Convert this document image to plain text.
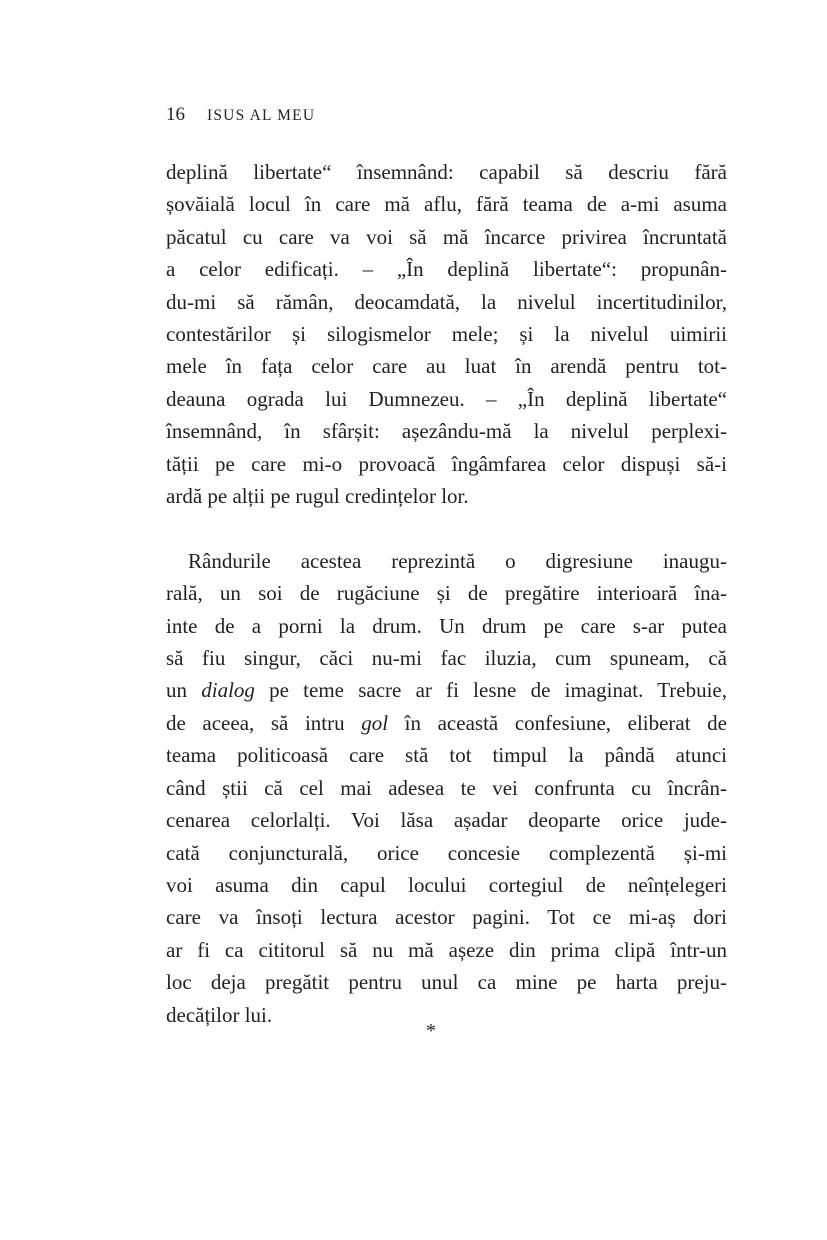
16 ISUS AL MEU
deplină libertate“ însemnând: capabil să descriu fără
șovăială locul în care mă aflu, fără teama de a-mi asuma
păcatul cu care va voi să mă încarce privirea încruntată
a celor edificați. – „În deplină libertate“: propunân-
du-mi să rămân, deocamdată, la nivelul incertitudinilor,
contestărilor și silogismelor mele; și la nivelul uimirii
mele în fața celor care au luat în arendă pentru tot-
deauna ograda lui Dumnezeu. – „În deplină libertate“
însemnând, în sfârșit: așezându-mă la nivelul perplexi-
tății pe care mi-o provoacă îngâmfarea celor dispuși să-i
ardă pe alții pe rugul credințelor lor.
Rândurile acestea reprezintă o digresiune inaugu-
rală, un soi de rugăciune și de pregătire interioară îna-
inte de a porni la drum. Un drum pe care s-ar putea
să fiu singur, căci nu-mi fac iluzia, cum spuneam, că
un dialog pe teme sacre ar fi lesne de imaginat. Trebuie,
de aceea, să intru gol în această confesiune, eliberat de
teama politicoasă care stă tot timpul la pândă atunci
când știi că cel mai adesea te vei confrunta cu încrân-
cenarea celorlalți. Voi lăsa așadar deoparte orice jude-
cată conjuncturală, orice concesie complezentă și-mi
voi asuma din capul locului cortegiul de neînțelegeri
care va însoți lectura acestor pagini. Tot ce mi-aș dori
ar fi ca cititorul să nu mă așeze din prima clipă într-un
loc deja pregătit pentru unul ca mine pe harta preju-
decăților lui.
*
